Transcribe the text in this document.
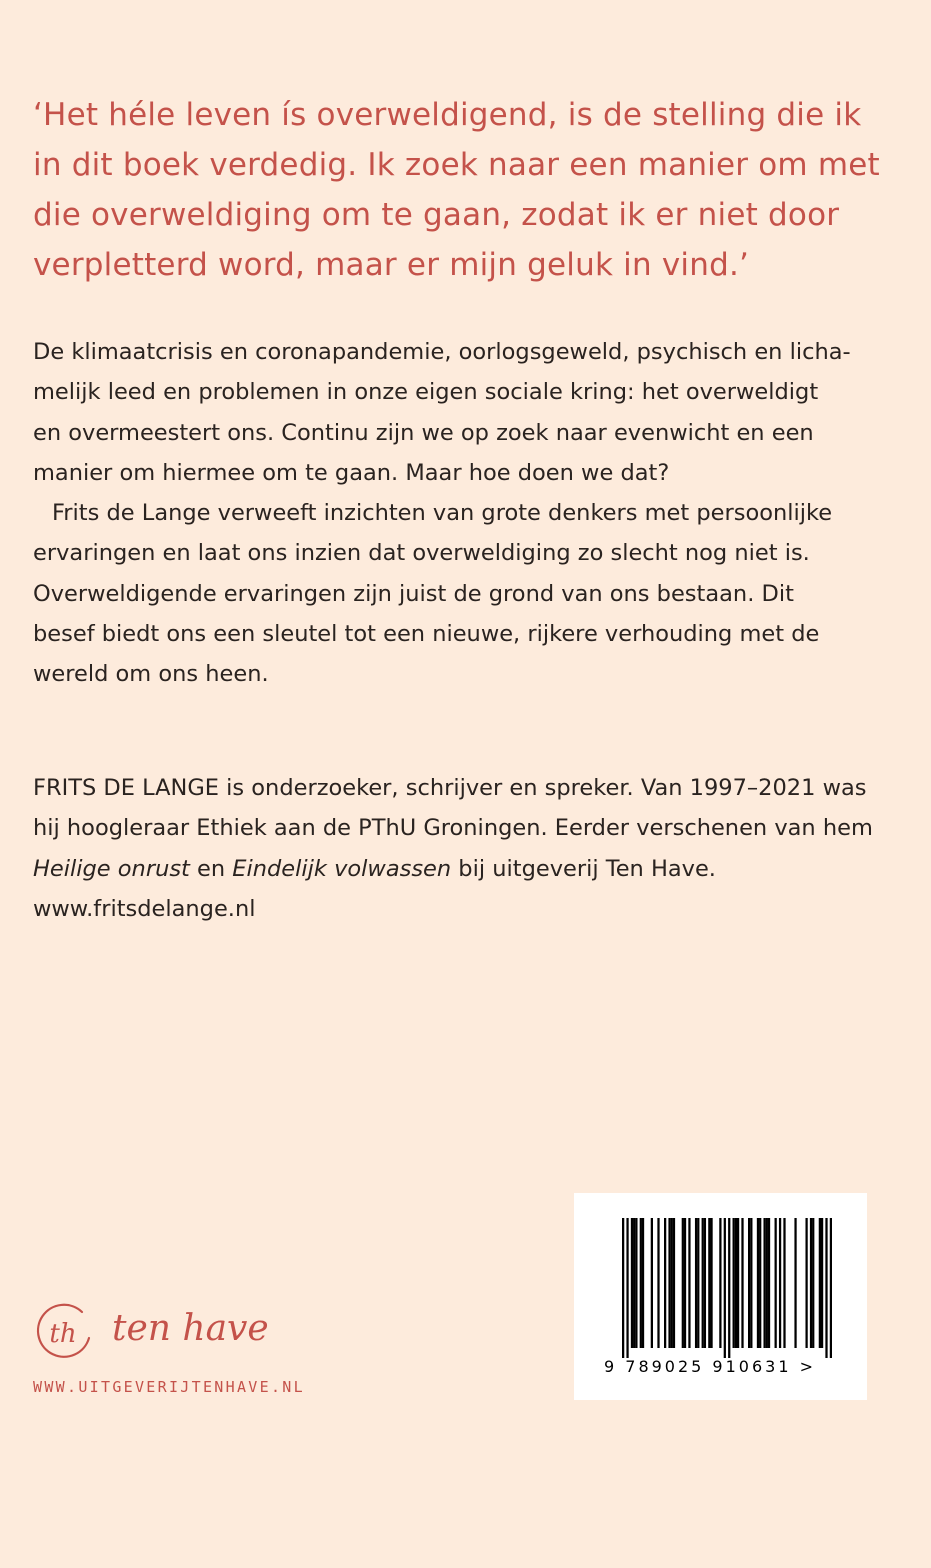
‘Het héle leven ís overweldigend, is de stelling die ik
in dit boek verdedig. Ik zoek naar een manier om met
die overweldiging om te gaan, zodat ik er niet door
verpletterd word, maar er mijn geluk in vind.’
De klimaatcrisis en coronapandemie, oorlogsgeweld, psychisch en licha-
melijk leed en problemen in onze eigen sociale kring: het overweldigt
en overmeestert ons. Continu zijn we op zoek naar evenwicht en een
manier om hiermee om te gaan. Maar hoe doen we dat?
Frits de Lange verweeft inzichten van grote denkers met persoonlijke
ervaringen en laat ons inzien dat overweldiging zo slecht nog niet is.
Overweldigende ervaringen zijn juist de grond van ons bestaan. Dit
besef biedt ons een sleutel tot een nieuwe, rijkere verhouding met de
wereld om ons heen.
FRITS DE LANGE is onderzoeker, schrijver en spreker. Van 1997–2021 was
hij hoogleraar Ethiek aan de PThU Groningen. Eerder verschenen van hem
Heilige onrust en Eindelijk volwassen bij uitgeverij Ten Have.
www.fritsdelange.nl
th ten have
WWW.UITGEVERIJTENHAVE.NL
9 789025 910631 >
